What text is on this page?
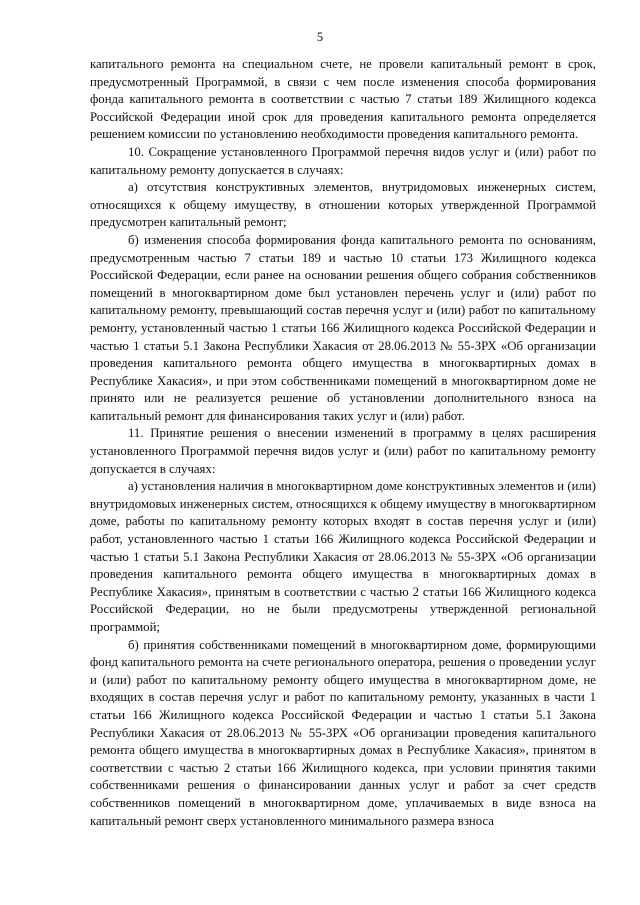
5

капитального ремонта на специальном счете, не провели капитальный ремонт в срок, предусмотренный Программой, в связи с чем после изменения способа формирования фонда капитального ремонта в соответствии с частью 7 статьи 189 Жилищного кодекса Российской Федерации иной срок для проведения капитального ремонта определяется решением комиссии по установлению необходимости проведения капитального ремонта.

10. Сокращение установленного Программой перечня видов услуг и (или) работ по капитальному ремонту допускается в случаях:

а) отсутствия конструктивных элементов, внутридомовых инженерных систем, относящихся к общему имуществу, в отношении которых утвержденной Программой предусмотрен капитальный ремонт;

б) изменения способа формирования фонда капитального ремонта по основаниям, предусмотренным частью 7 статьи 189 и частью 10 статьи 173 Жилищного кодекса Российской Федерации, если ранее на основании решения общего собрания собственников помещений в многоквартирном доме был установлен перечень услуг и (или) работ по капитальному ремонту, превышающий состав перечня услуг и (или) работ по капитальному ремонту, установленный частью 1 статьи 166 Жилищного кодекса Российской Федерации и частью 1 статьи 5.1 Закона Республики Хакасия от 28.06.2013 № 55-ЗРХ «Об организации проведения капитального ремонта общего имущества в многоквартирных домах в Республике Хакасия», и при этом собственниками помещений в многоквартирном доме не принято или не реализуется решение об установлении дополнительного взноса на капитальный ремонт для финансирования таких услуг и (или) работ.

11. Принятие решения о внесении изменений в программу в целях расширения установленного Программой перечня видов услуг и (или) работ по капитальному ремонту допускается в случаях:

а) установления наличия в многоквартирном доме конструктивных элементов и (или) внутридомовых инженерных систем, относящихся к общему имуществу в многоквартирном доме, работы по капитальному ремонту которых входят в состав перечня услуг и (или) работ, установленного частью 1 статьи 166 Жилищного кодекса Российской Федерации и частью 1 статьи 5.1 Закона Республики Хакасия от 28.06.2013 № 55-ЗРХ «Об организации проведения капитального ремонта общего имущества в многоквартирных домах в Республике Хакасия», принятым в соответствии с частью 2 статьи 166 Жилищного кодекса Российской Федерации, но не были предусмотрены утвержденной региональной программой;

б) принятия собственниками помещений в многоквартирном доме, формирующими фонд капитального ремонта на счете регионального оператора, решения о проведении услуг и (или) работ по капитальному ремонту общего имущества в многоквартирном доме, не входящих в состав перечня услуг и работ по капитальному ремонту, указанных в части 1 статьи 166 Жилищного кодекса Российской Федерации и частью 1 статьи 5.1 Закона Республики Хакасия от 28.06.2013 № 55-ЗРХ «Об организации проведения капитального ремонта общего имущества в многоквартирных домах в Республике Хакасия», принятом в соответствии с частью 2 статьи 166 Жилищного кодекса, при условии принятия такими собственниками решения о финансировании данных услуг и работ за счет средств собственников помещений в многоквартирном доме, уплачиваемых в виде взноса на капитальный ремонт сверх установленного минимального размера взноса
